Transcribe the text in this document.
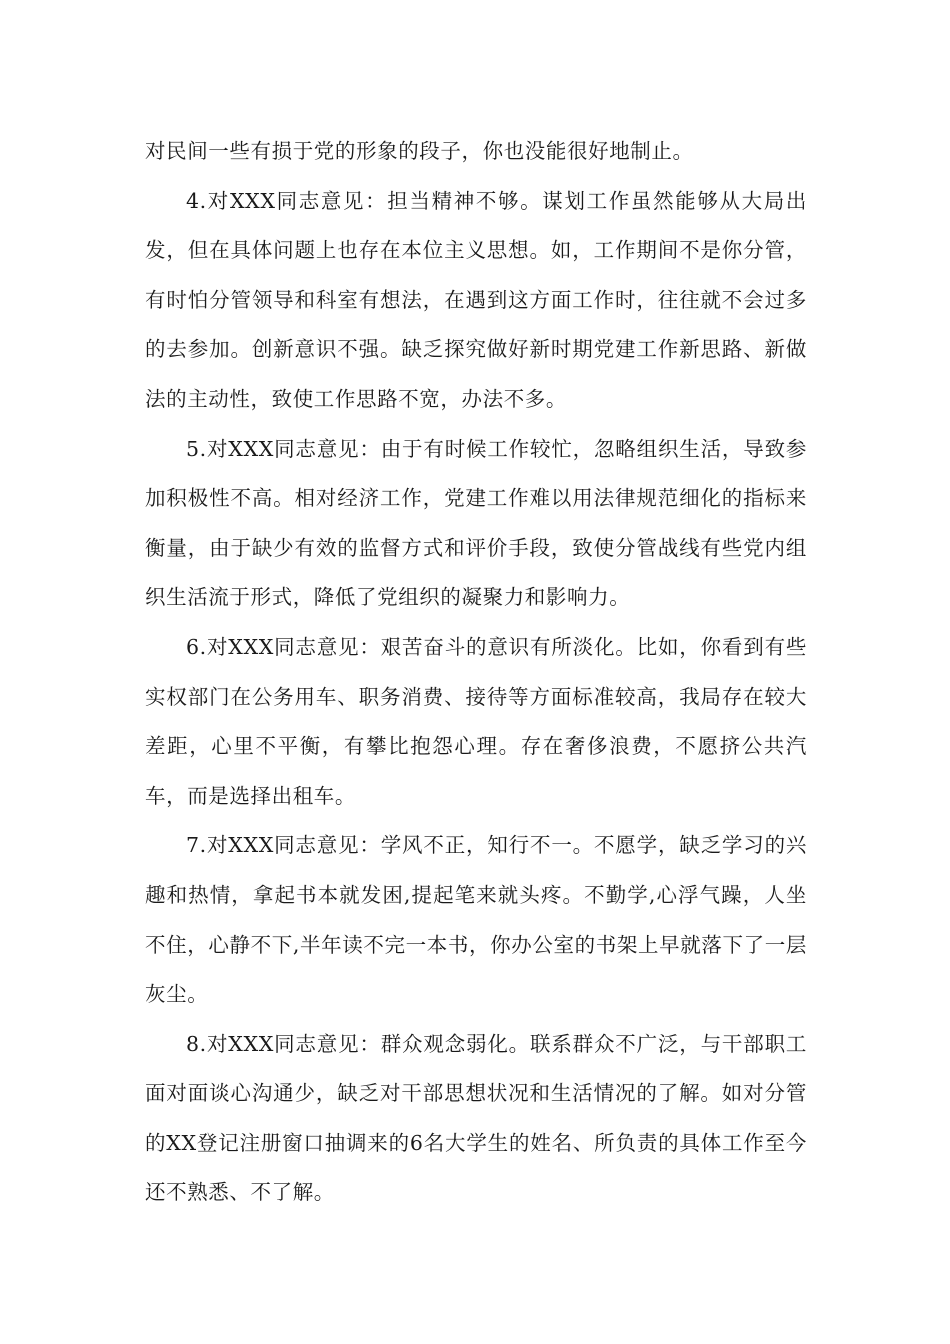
对民间一些有损于党的形象的段子，你也没能很好地制止。

4.对XXX同志意见：担当精神不够。谋划工作虽然能够从大局出发，但在具体问题上也存在本位主义思想。如，工作期间不是你分管，有时怕分管领导和科室有想法，在遇到这方面工作时，往往就不会过多的去参加。创新意识不强。缺乏探究做好新时期党建工作新思路、新做法的主动性，致使工作思路不宽，办法不多。

5.对XXX同志意见：由于有时候工作较忙，忽略组织生活，导致参加积极性不高。相对经济工作，党建工作难以用法律规范细化的指标来衡量，由于缺少有效的监督方式和评价手段，致使分管战线有些党内组织生活流于形式，降低了党组织的凝聚力和影响力。

6.对XXX同志意见：艰苦奋斗的意识有所淡化。比如，你看到有些实权部门在公务用车、职务消费、接待等方面标准较高，我局存在较大差距，心里不平衡，有攀比抱怨心理。存在奢侈浪费，不愿挤公共汽车，而是选择出租车。

7.对XXX同志意见：学风不正，知行不一。不愿学，缺乏学习的兴趣和热情，拿起书本就发困,提起笔来就头疼。不勤学,心浮气躁，人坐不住，心静不下,半年读不完一本书，你办公室的书架上早就落下了一层灰尘。

8.对XXX同志意见：群众观念弱化。联系群众不广泛，与干部职工面对面谈心沟通少，缺乏对干部思想状况和生活情况的了解。如对分管的XX登记注册窗口抽调来的6名大学生的姓名、所负责的具体工作至今还不熟悉、不了解。
